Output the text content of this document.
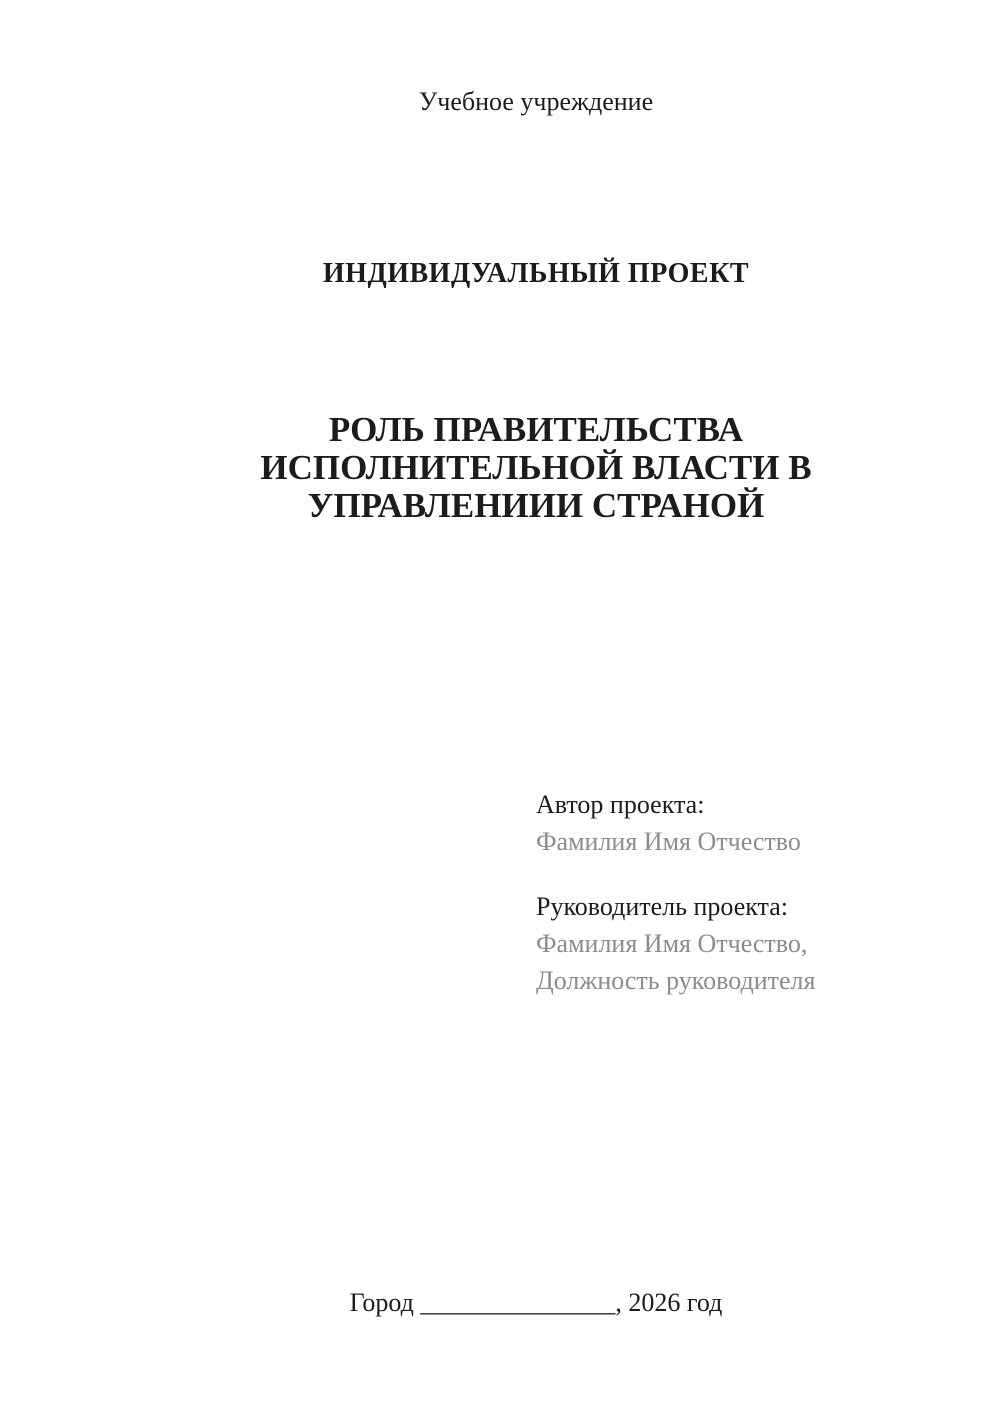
Учебное учреждение
ИНДИВИДУАЛЬНЫЙ ПРОЕКТ
РОЛЬ ПРАВИТЕЛЬСТВА
ИСПОЛНИТЕЛЬНОЙ ВЛАСТИ В
УПРАВЛЕНИИИ СТРАНОЙ
Автор проекта:
Фамилия Имя Отчество
Руководитель проекта:
Фамилия Имя Отчество,
Должность руководителя
Город _______________, 2026 год
